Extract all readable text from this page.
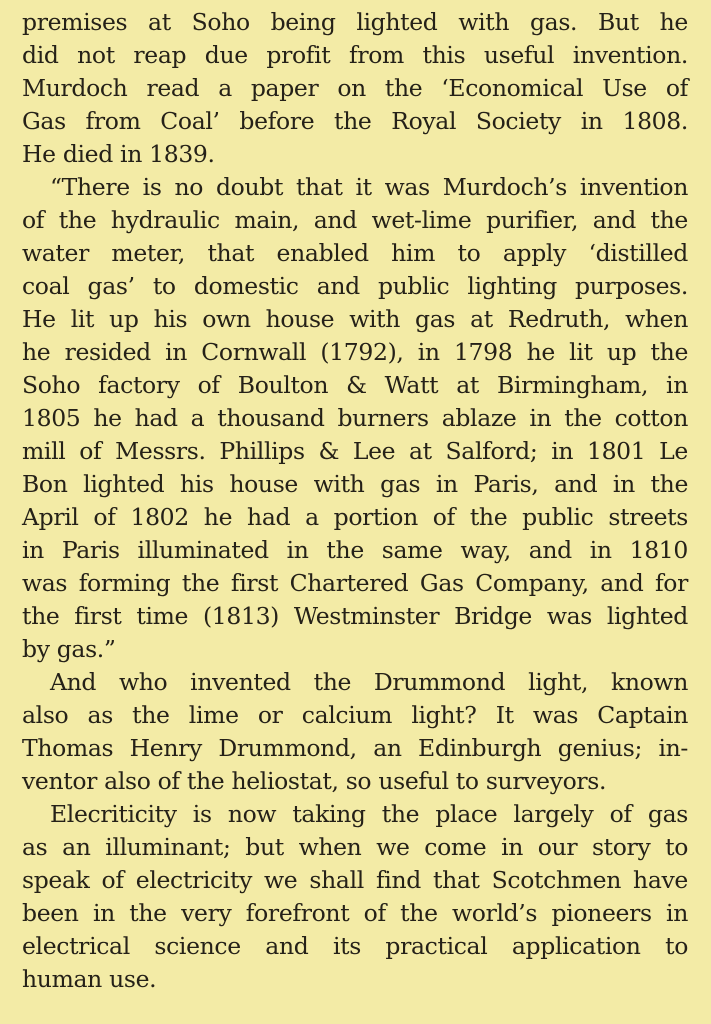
premises at Soho being lighted with gas. But he
did not reap due profit from this useful invention.
Murdoch read a paper on the ‘Economical Use of
Gas from Coal’ before the Royal Society in 1808.
He died in 1839.
“There is no doubt that it was Murdoch’s invention
of the hydraulic main, and wet-lime purifier, and the
water meter, that enabled him to apply ‘distilled
coal gas’ to domestic and public lighting purposes.
He lit up his own house with gas at Redruth, when
he resided in Cornwall (1792), in 1798 he lit up the
Soho factory of Boulton & Watt at Birmingham, in
1805 he had a thousand burners ablaze in the cotton
mill of Messrs. Phillips & Lee at Salford; in 1801 Le
Bon lighted his house with gas in Paris, and in the
April of 1802 he had a portion of the public streets
in Paris illuminated in the same way, and in 1810
was forming the first Chartered Gas Company, and for
the first time (1813) Westminster Bridge was lighted
by gas.”
And who invented the Drummond light, known
also as the lime or calcium light? It was Captain
Thomas Henry Drummond, an Edinburgh genius; in-
ventor also of the heliostat, so useful to surveyors.
Elecriticity is now taking the place largely of gas
as an illuminant; but when we come in our story to
speak of electricity we shall find that Scotchmen have
been in the very forefront of the world’s pioneers in
electrical science and its practical application to
human use.
